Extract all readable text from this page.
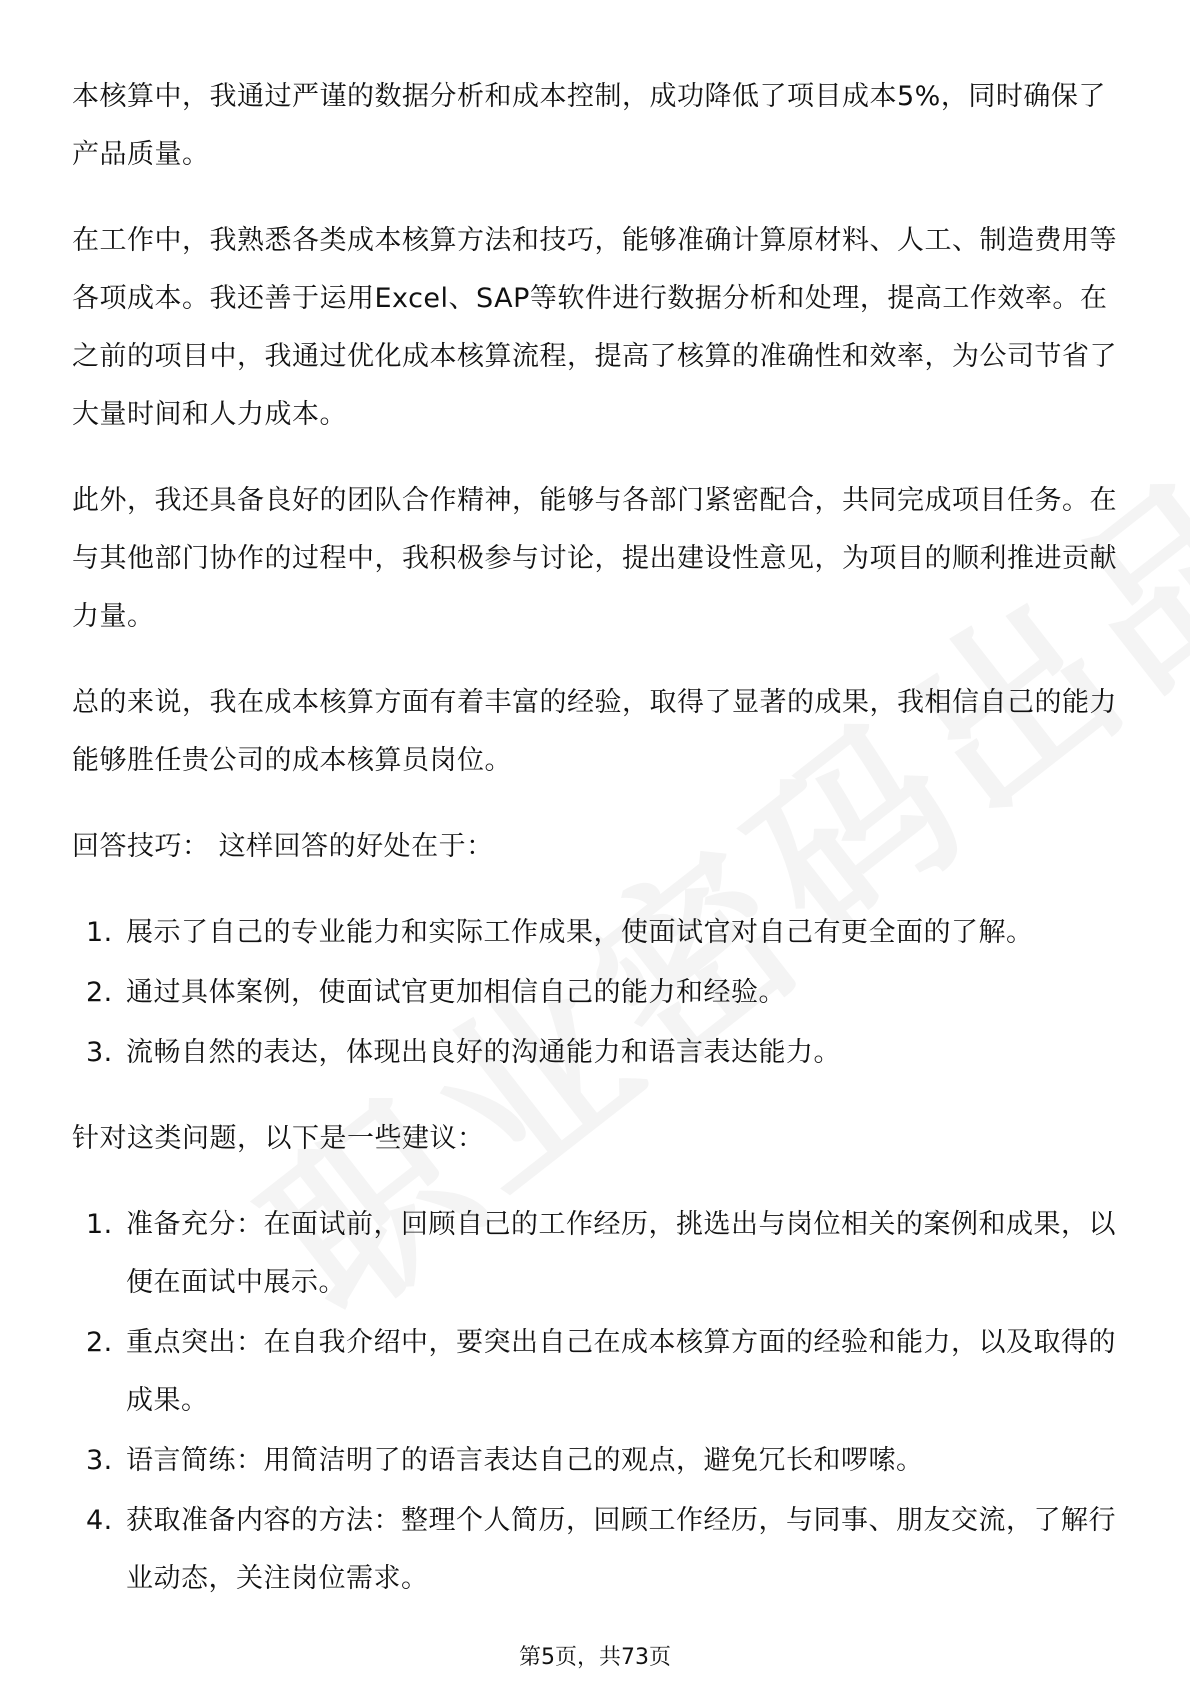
本核算中，我通过严谨的数据分析和成本控制，成功降低了项目成本5%，同时确保了产品质量。

在工作中，我熟悉各类成本核算方法和技巧，能够准确计算原材料、人工、制造费用等各项成本。我还善于运用Excel、SAP等软件进行数据分析和处理，提高工作效率。在之前的项目中，我通过优化成本核算流程，提高了核算的准确性和效率，为公司节省了大量时间和人力成本。

此外，我还具备良好的团队合作精神，能够与各部门紧密配合，共同完成项目任务。在与其他部门协作的过程中，我积极参与讨论，提出建设性意见，为项目的顺利推进贡献力量。

总的来说，我在成本核算方面有着丰富的经验，取得了显著的成果，我相信自己的能力能够胜任贵公司的成本核算员岗位。

回答技巧： 这样回答的好处在于：

1. 展示了自己的专业能力和实际工作成果，使面试官对自己有更全面的了解。
2. 通过具体案例，使面试官更加相信自己的能力和经验。
3. 流畅自然的表达，体现出良好的沟通能力和语言表达能力。

针对这类问题，以下是一些建议：

1. 准备充分：在面试前，回顾自己的工作经历，挑选出与岗位相关的案例和成果，以便在面试中展示。
2. 重点突出：在自我介绍中，要突出自己在成本核算方面的经验和能力，以及取得的成果。
3. 语言简练：用简洁明了的语言表达自己的观点，避免冗长和啰嗦。
4. 获取准备内容的方法：整理个人简历，回顾工作经历，与同事、朋友交流，了解行业动态，关注岗位需求。
第5页，共73页
